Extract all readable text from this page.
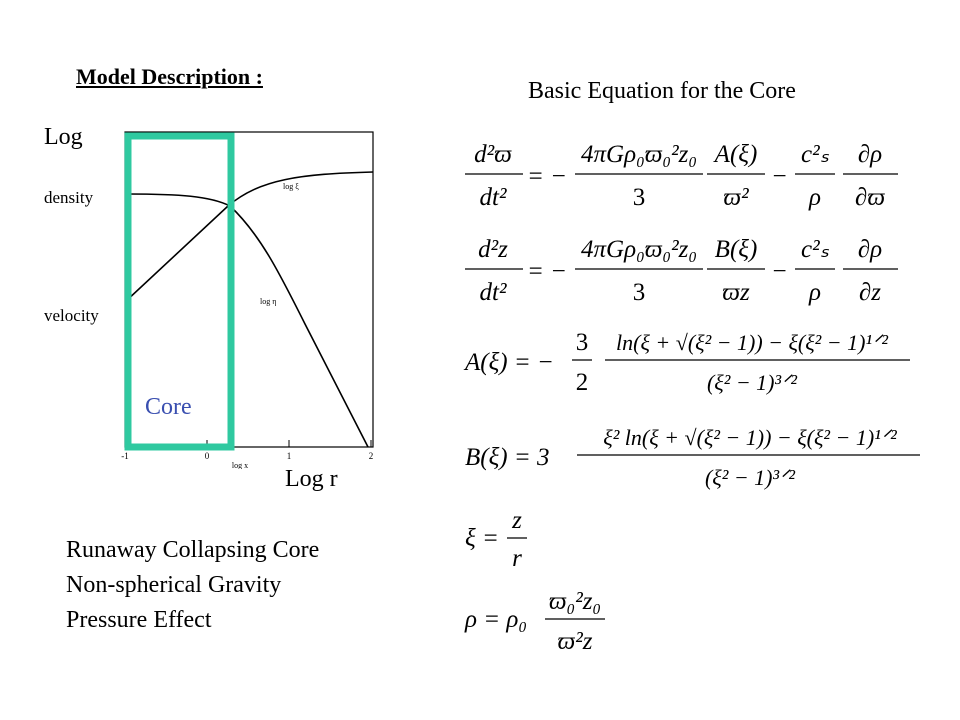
Model Description :
Basic Equation for the Core
-1	0	1	2
log x
log ξ
log η
Log
density
velocity
Core
Log r
Runaway Collapsing Core
Non-spherical Gravity
Pressure Effect
d²ϖ
dt²
= −
4πGρ₀ϖ₀²z₀
3
A(ξ)
ϖ²
−
c²ₛ
ρ
∂ρ
∂ϖ
d²z
dt²
= −
4πGρ₀ϖ₀²z₀
3
B(ξ)
ϖz
−
c²ₛ
ρ
∂ρ
∂z
A(ξ) = −
3
2
ln(ξ + √(ξ² − 1)) − ξ(ξ² − 1)¹ᐟ²
(ξ² − 1)³ᐟ²
B(ξ) = 3
ξ² ln(ξ + √(ξ² − 1)) − ξ(ξ² − 1)¹ᐟ²
(ξ² − 1)³ᐟ²
ξ =
z
r
ρ = ρ₀
ϖ₀²z₀
ϖ²z
